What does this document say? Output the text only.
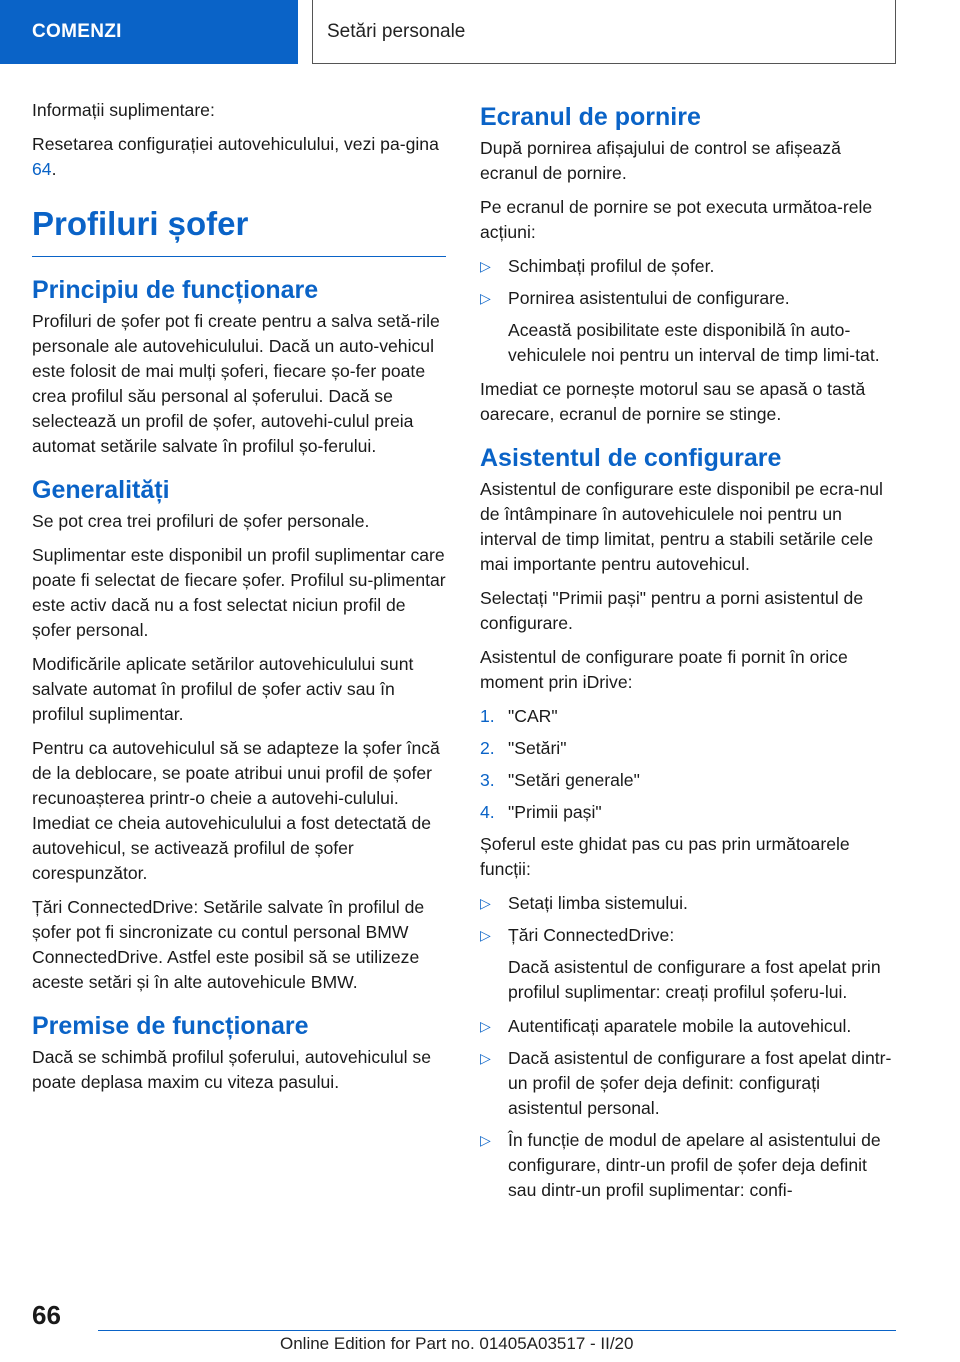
COMENZI	Setări personale

Informații suplimentare:

Resetarea configurației autovehiculului, vezi pa-gina 64.

Profiluri șofer
Principiu de funcționare

Profiluri de șofer pot fi create pentru a salva setă-rile personale ale autovehiculului. Dacă un auto-vehicul este folosit de mai mulți șoferi, fiecare șo-fer poate crea profilul său personal al șoferului. Dacă se selectează un profil de șofer, autovehi-culul preia automat setările salvate în profilul șo-ferului.

Generalități

Se pot crea trei profiluri de șofer personale.

Suplimentar este disponibil un profil suplimentar care poate fi selectat de fiecare șofer. Profilul su-plimentar este activ dacă nu a fost selectat niciun profil de șofer personal.

Modificările aplicate setărilor autovehiculului sunt salvate automat în profilul de șofer activ sau în profilul suplimentar.

Pentru ca autovehiculul să se adapteze la șofer încă de la deblocare, se poate atribui unui profil de șofer recunoașterea printr-o cheie a autovehi-culului. Imediat ce cheia autovehiculului a fost detectată de autovehicul, se activează profilul de șofer corespunzător.

Țări ConnectedDrive: Setările salvate în profilul de șofer pot fi sincronizate cu contul personal BMW ConnectedDrive. Astfel este posibil să se utilizeze aceste setări și în alte autovehicule BMW.

Premise de funcționare

Dacă se schimbă profilul șoferului, autovehiculul se poate deplasa maxim cu viteza pasului.

Ecranul de pornire

După pornirea afișajului de control se afișează ecranul de pornire.

Pe ecranul de pornire se pot executa următoa-rele acțiuni:

▷ Schimbați profilul de șofer.
▷ Pornirea asistentului de configurare.

Această posibilitate este disponibilă în auto-vehiculele noi pentru un interval de timp limi-tat.

Imediat ce pornește motorul sau se apasă o tastă oarecare, ecranul de pornire se stinge.

Asistentul de configurare

Asistentul de configurare este disponibil pe ecra-nul de întâmpinare în autovehiculele noi pentru un interval de timp limitat, pentru a stabili setările cele mai importante pentru autovehicul.

Selectați "Primii pași" pentru a porni asistentul de configurare.

Asistentul de configurare poate fi pornit în orice moment prin iDrive:

1. "CAR"
2. "Setări"
3. "Setări generale"
4. "Primii pași"

Șoferul este ghidat pas cu pas prin următoarele funcții:

▷ Setați limba sistemului.
▷ Țări ConnectedDrive:

Dacă asistentul de configurare a fost apelat prin profilul suplimentar: creați profilul șoferu-lui.

▷ Autentificați aparatele mobile la autovehicul.
▷ Dacă asistentul de configurare a fost apelat dintr-un profil de șofer deja definit: configurați asistentul personal.
▷ În funcție de modul de apelare al asistentului de configurare, dintr-un profil de șofer deja definit sau dintr-un profil suplimentar: confi-
66
Online Edition for Part no. 01405A03517 - II/20
